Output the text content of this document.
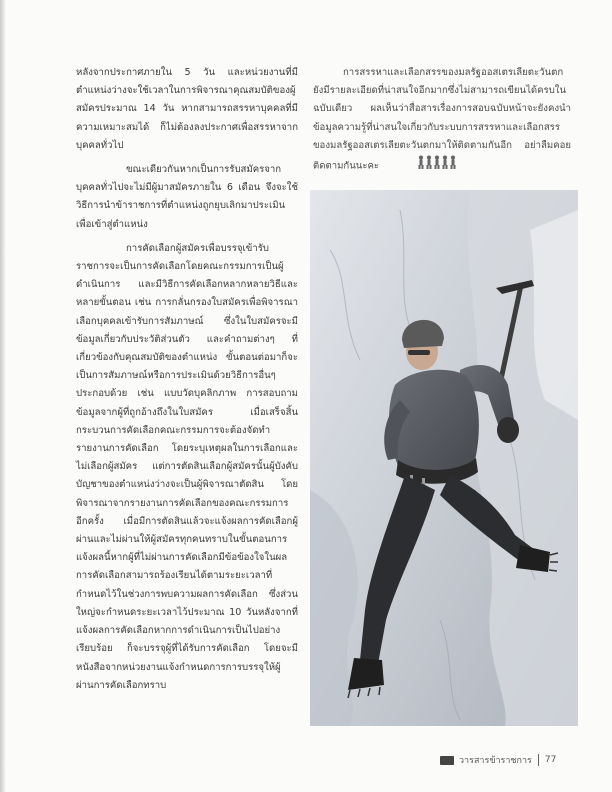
หลังจากประกาศภายใน 5 วัน และหน่วยงานที่มีตำแหน่งว่างจะใช้เวลาในการพิจารณาคุณสมบัติของผู้สมัครประมาณ 14 วัน หากสามารถสรรหาบุคคลที่มีความเหมาะสมได้ ก็ไม่ต้องลงประกาศเพื่อสรรหาจากบุคคลทั่วไป

ขณะเดียวกันหากเป็นการรับสมัครจากบุคคลทั่วไปจะไม่มีผู้มาสมัครภายใน 6 เดือน จึงจะใช้วิธีการนำข้าราชการที่ตำแหน่งถูกยุบเลิกมาประเมินเพื่อเข้าสู่ตำแหน่ง

การคัดเลือกผู้สมัครเพื่อบรรจุเข้ารับราชการจะเป็นการคัดเลือกโดยคณะกรรมการเป็นผู้ดำเนินการ และมีวิธีการคัดเลือกหลากหลายวิธีและหลายขั้นตอน เช่น การกลั่นกรองใบสมัครเพื่อพิจารณาเลือกบุคคลเข้ารับการสัมภาษณ์ ซึ่งในใบสมัครจะมีข้อมูลเกี่ยวกับประวัติส่วนตัว และคำถามต่างๆ ที่เกี่ยวข้องกับคุณสมบัติของตำแหน่ง ขั้นตอนต่อมาก็จะเป็นการสัมภาษณ์หรือการประเมินด้วยวิธีการอื่นๆ ประกอบด้วย เช่น แบบวัดบุคลิกภาพ การสอบถามข้อมูลจากผู้ที่ถูกอ้างถึงในใบสมัคร เมื่อเสร็จสิ้นกระบวนการคัดเลือกคณะกรรมการจะต้องจัดทำรายงานการคัดเลือก โดยระบุเหตุผลในการเลือกและไม่เลือกผู้สมัคร แต่การตัดสินเลือกผู้สมัครนั้นผู้บังคับบัญชาของตำแหน่งว่างจะเป็นผู้พิจารณาตัดสิน โดยพิจารณาจากรายงานการคัดเลือกของคณะกรรมการอีกครั้ง เมื่อมีการตัดสินแล้วจะแจ้งผลการคัดเลือกผู้ผ่านและไม่ผ่านให้ผู้สมัครทุกคนทราบในขั้นตอนการแจ้งผลนี้หากผู้ที่ไม่ผ่านการคัดเลือกมีข้อข้องใจในผลการคัดเลือกสามารถร้องเรียนได้ตามระยะเวลาที่กำหนดไว้ในช่วงการพบความผลการคัดเลือก ซึ่งส่วนใหญ่จะกำหนดระยะเวลาไว้ประมาณ 10 วันหลังจากที่แจ้งผลการคัดเลือกหากการดำเนินการเป็นไปอย่างเรียบร้อย ก็จะบรรจุผู้ที่ได้รับการคัดเลือก โดยจะมีหนังสือจากหน่วยงานแจ้งกำหนดการการบรรจุให้ผู้ผ่านการคัดเลือกทราบ

การสรรหาและเลือกสรรของมลรัฐออสเตรเลียตะวันตก ยังมีรายละเอียดที่น่าสนใจอีกมากซึ่งไม่สามารถเขียนได้ครบในฉบับเดียว ผลเห็นว่าสื่อสารเรื่องการสอบฉบับหน้าจะยังคงนำข้อมูลความรู้ที่น่าสนใจเกี่ยวกับระบบการสรรหาและเลือกสรรของมลรัฐออสเตรเลียตะวันตกมาให้ติดตามกันอีก อย่าลืมคอยติดตามกันนะคะ

วารสารข้าราชการ 77
